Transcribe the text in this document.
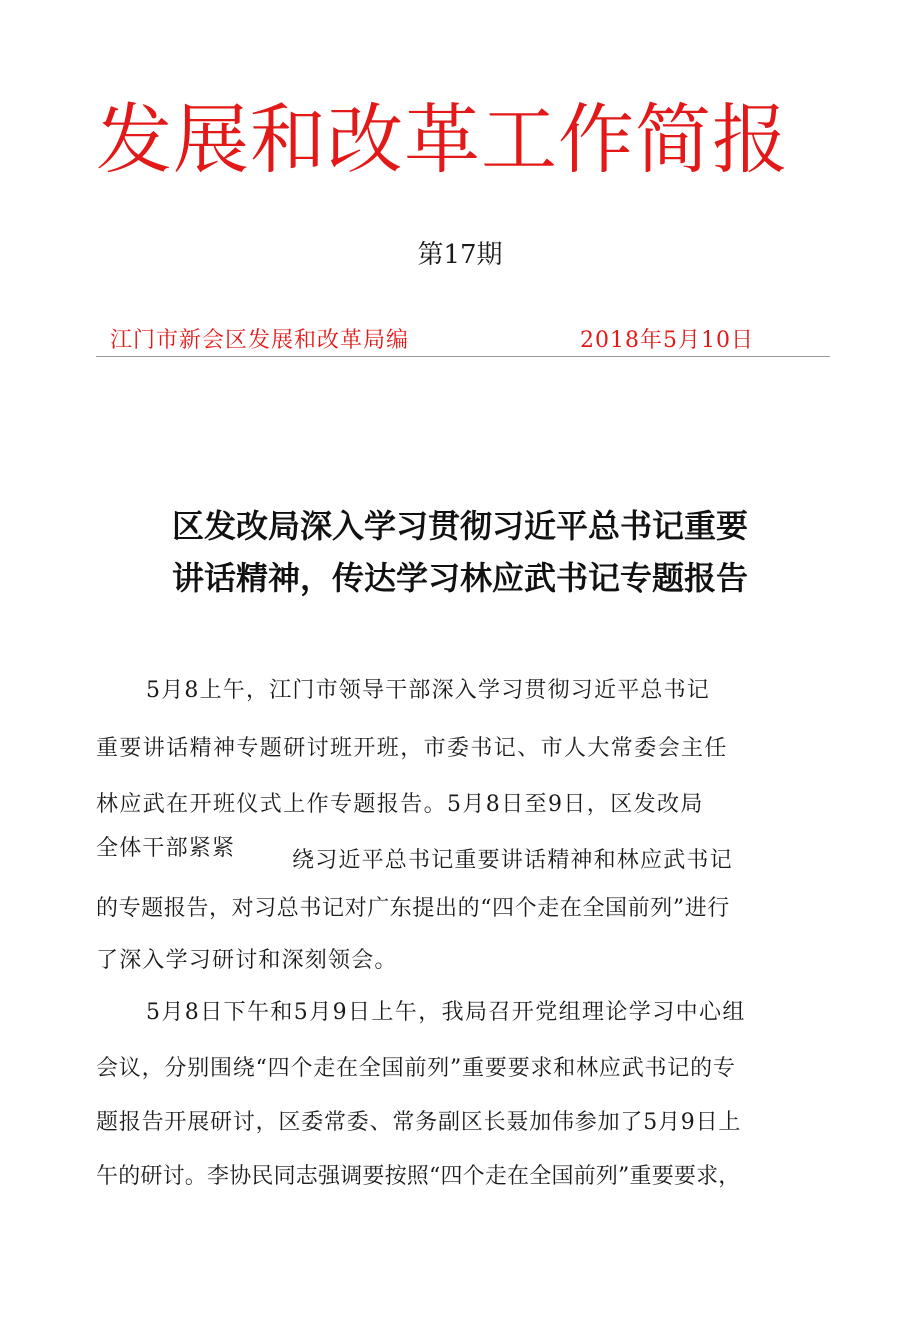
发展和改革工作简报
第17期
江门市新会区发展和改革局编	2018年5月10日
区发改局深入学习贯彻习近平总书记重要
讲话精神，传达学习林应武书记专题报告
5月8上午，江门市领导干部深入学习贯彻习近平总书记
重要讲话精神专题研讨班开班，市委书记、市人大常委会主任
林应武在开班仪式上作专题报告。5月8日至9日，区发改局
全体干部紧紧	绕习近平总书记重要讲话精神和林应武书记
的专题报告，对习总书记对广东提出的“四个走在全国前列”进行
了深入学习研讨和深刻领会。
5月8日下午和5月9日上午，我局召开党组理论学习中心组
会议，分别围绕“四个走在全国前列”重要要求和林应武书记的专
题报告开展研讨，区委常委、常务副区长聂加伟参加了5月9日上
午的研讨。李协民同志强调要按照“四个走在全国前列”重要要求，
